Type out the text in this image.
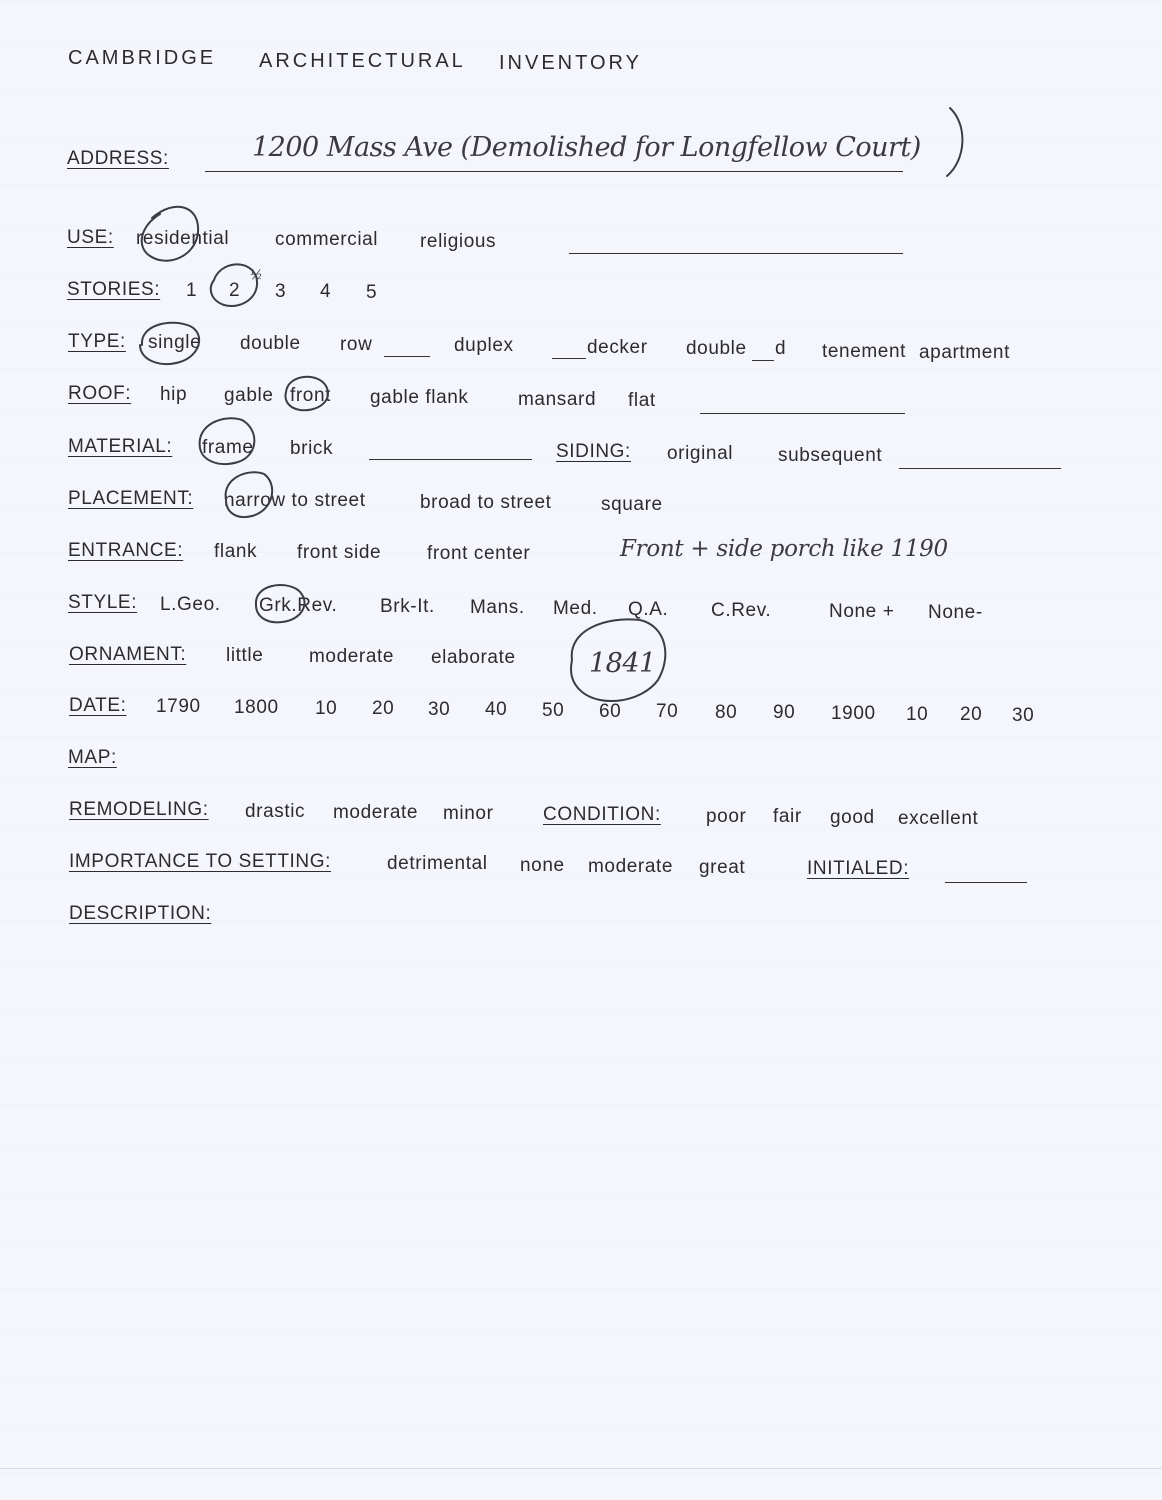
CAMBRIDGE ARCHITECTURAL INVENTORY
ADDRESS:	1200 Mass Ave (Demolished for Longfellow Court)
USE: residential commercial religious
STORIES: 1 2 3 4 5
½
TYPE: single double row	duplex	decker double d tenement apartment
ROOF: hip gable front gable flank	mansard flat
MATERIAL: frame brick	SIDING: original subsequent
PLACEMENT: narrow to street	broad to street	square
ENTRANCE: flank front side front center	Front + side porch like 1190
STYLE: L.Geo. Grk.Rev. Brk-It. Mans. Med. Q.A. C.Rev.	None + None-
ORNAMENT: little moderate elaborate	1841
DATE: 1790 1800 10 20 30 40 50 60 70 80 90 1900 10 20 30
MAP:
REMODELING: drastic moderate minor	CONDITION: poor fair good excellent
IMPORTANCE TO SETTING:	detrimental none moderate great	INITIALED:
DESCRIPTION:
